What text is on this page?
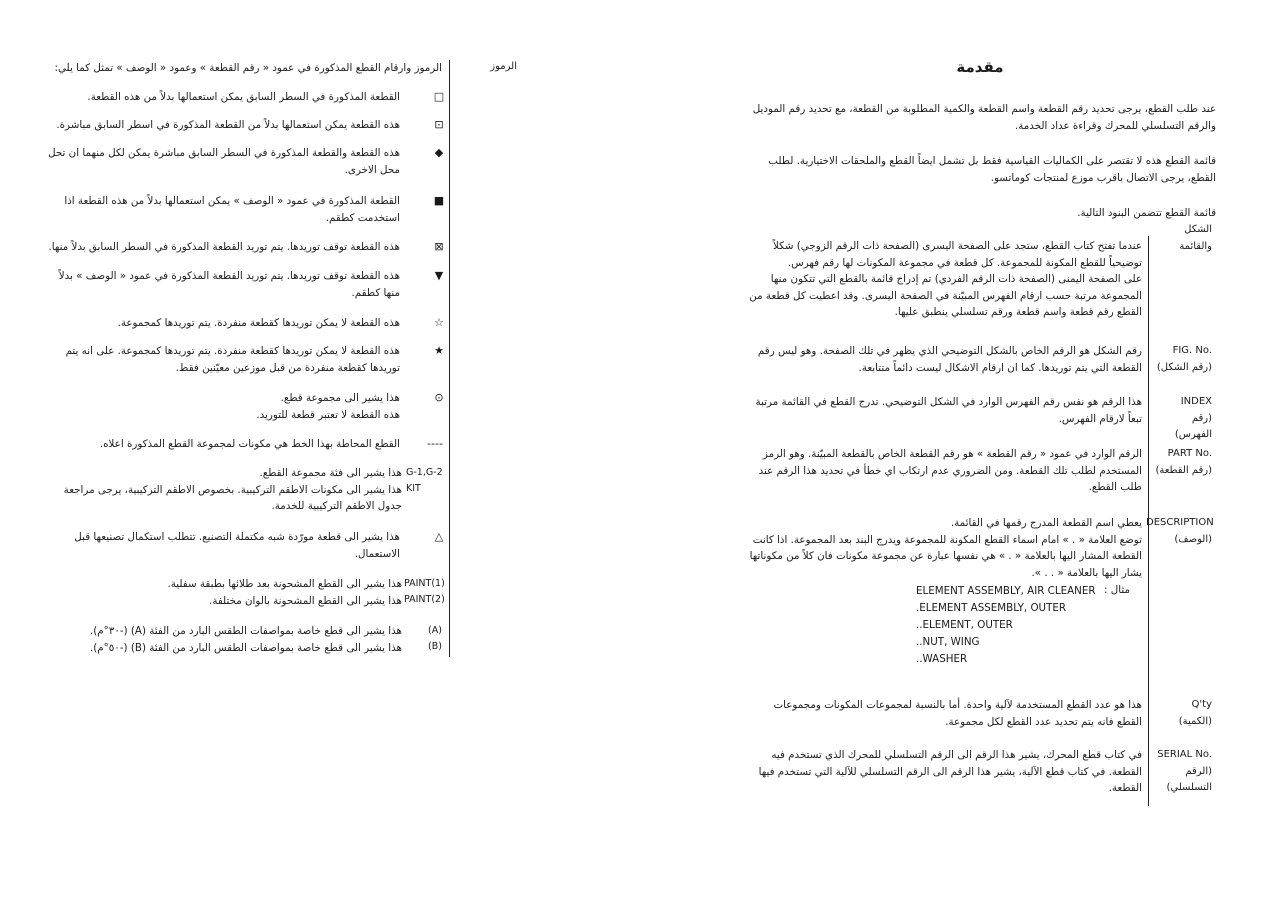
الرموز
الرموز وارقام القطع المذكورة في عمود « رقم القطعة » وعمود « الوصف » تمثل كما يلي:
□
القطعة المذكورة في السطر السابق يمكن استعمالها بدلاً من هذه القطعة.
⊡
هذه القطعة يمكن استعمالها بدلاً من القطعة المذكورة في اسطر السابق مباشرة.
◆
هذه القطعة والقطعة المذكورة في السطر السابق مباشرة يمكن لكل منهما ان تحل محل الاخرى.
■
القطعة المذكورة في عمود « الوصف » يمكن استعمالها بدلاً من هذه القطعة اذا استخدمت كطقم.
⊠
هذه القطعة توقف توريدها. يتم توريد القطعة المذكورة في السطر السابق بدلاً منها.
▼
هذه القطعة توقف توريدها. يتم توريد القطعة المذكورة في عمود « الوصف » بدلاً منها كطقم.
☆
هذه القطعة لا يمكن توريدها كقطعة منفردة. يتم توريدها كمجموعة.
★
هذه القطعة لا يمكن توريدها كقطعة منفردة. يتم توريدها كمجموعة. على انه يتم توريدها كقطعة منفردة من قبل موزعين معيّنين فقط.
⊙
هذا يشير الى مجموعة قطع.
هذه القطعة لا تعتبر قطعة للتوريد.
----
القطع المحاطة بهذا الخط هي مكونات لمجموعة القطع المذكورة اعلاه.
G-1,G-2
KIT
هذا يشير الى فئة مجموعة القطع.
هذا يشير الى مكونات الاطقم التركيبية. بخصوص الاطقم التركيبية، يرجى مراجعة جدول الاطقم التركيبية للخدمة.
△
هذا يشير الى قطعة مورّدة شبه مكتملة التصنيع. تتطلب استكمال تصنيعها قبل الاستعمال.
PAINT(1)
PAINT(2)
هذا يشير الى القطع المشحونة بعد طلائها بطبقة سفلية.
هذا يشير الى القطع المشحونة بالوان مختلفة.
(A)
(B)
هذا يشير الى قطع خاصة بمواصفات الطقس البارد من الفئة (A) (-٣٠°م).
هذا يشير الى قطع خاصة بمواصفات الطقس البارد من الفئة (B) (-٥٠°م).
مقدمة
عند طلب القطع، يرجى تحديد رقم القطعة واسم القطعة والكمية المطلوبة من القطعة، مع تحديد رقم الموديل والرقم التسلسلي للمحرك وقراءة عداد الخدمة.
قائمة القطع هذه لا تقتصر على الكماليات القياسية فقط بل تشمل ايضاً القطع والملحقات الاختيارية. لطلب القطع، يرجى الاتصال باقرب موزع لمنتجات كوماتسو.
قائمة القطع تتضمن البنود التالية.
الشكل والقائمة
عندما تفتح كتاب القطع، ستجد على الصفحة اليسرى (الصفحة ذات الرقم الزوجي) شكلاً توضيحياً للقطع المكونة للمجموعة. كل قطعة في مجموعة المكونات لها رقم فهرس.
على الصفحة اليمنى (الصفحة ذات الرقم الفردي) تم إدراج قائمة بالقطع التي تتكون منها المجموعة مرتبة حسب ارقام الفهرس المبيّنة في الصفحة اليسرى. وقد اعطيت كل قطعة من القطع رقم قطعة واسم قطعة ورقم تسلسلي ينطبق عليها.
FIG. No.
(رقم الشكل)
رقم الشكل هو الرقم الخاص بالشكل التوضيحي الذي يظهر في تلك الصفحة. وهو ليس رقم القطعة التي يتم توريدها. كما ان ارقام الاشكال ليست دائماً متتابعة.
INDEX
(رقم الفهرس)
هذا الرقم هو نفس رقم الفهرس الوارد في الشكل التوضيحي. تدرج القطع في القائمة مرتبة تبعاً لارقام الفهرس.
PART No.
(رقم القطعة)
الرقم الوارد في عمود « رقم القطعة » هو رقم القطعة الخاص بالقطعة المبيّنة. وهو الرمز المستخدم لطلب تلك القطعة. ومن الضروري عدم ارتكاب اي خطأ في تحديد هذا الرقم عند طلب القطع.
DESCRIPTION
(الوصف)
يعطي اسم القطعة المدرج رقمها في القائمة.
توضع العلامة « . » امام اسماء القطع المكونة للمجموعة ويدرج البند بعد المجموعة. اذا كانت القطعة المشار اليها بالعلامة « . » هي نفسها عبارة عن مجموعة مكونات فان كلاً من مكوناتها يشار اليها بالعلامة « . . ».
مثال :
ELEMENT ASSEMBLY, AIR CLEANER
.ELEMENT ASSEMBLY, OUTER
..ELEMENT, OUTER
..NUT, WING
..WASHER
Q'ty
(الكمية)
هذا هو عدد القطع المستخدمة لآلية واحدة. أما بالنسبة لمجموعات المكونات ومجموعات القطع فانه يتم تحديد عدد القطع لكل مجموعة.
SERIAL No.
(الرقم التسلسلي)
في كتاب قطع المحرك، يشير هذا الرقم الى الرقم التسلسلي للمحرك الذي تستخدم فيه القطعة. في كتاب قطع الآلية، يشير هذا الرقم الى الرقم التسلسلي للآلية التي تستخدم فيها القطعة.
